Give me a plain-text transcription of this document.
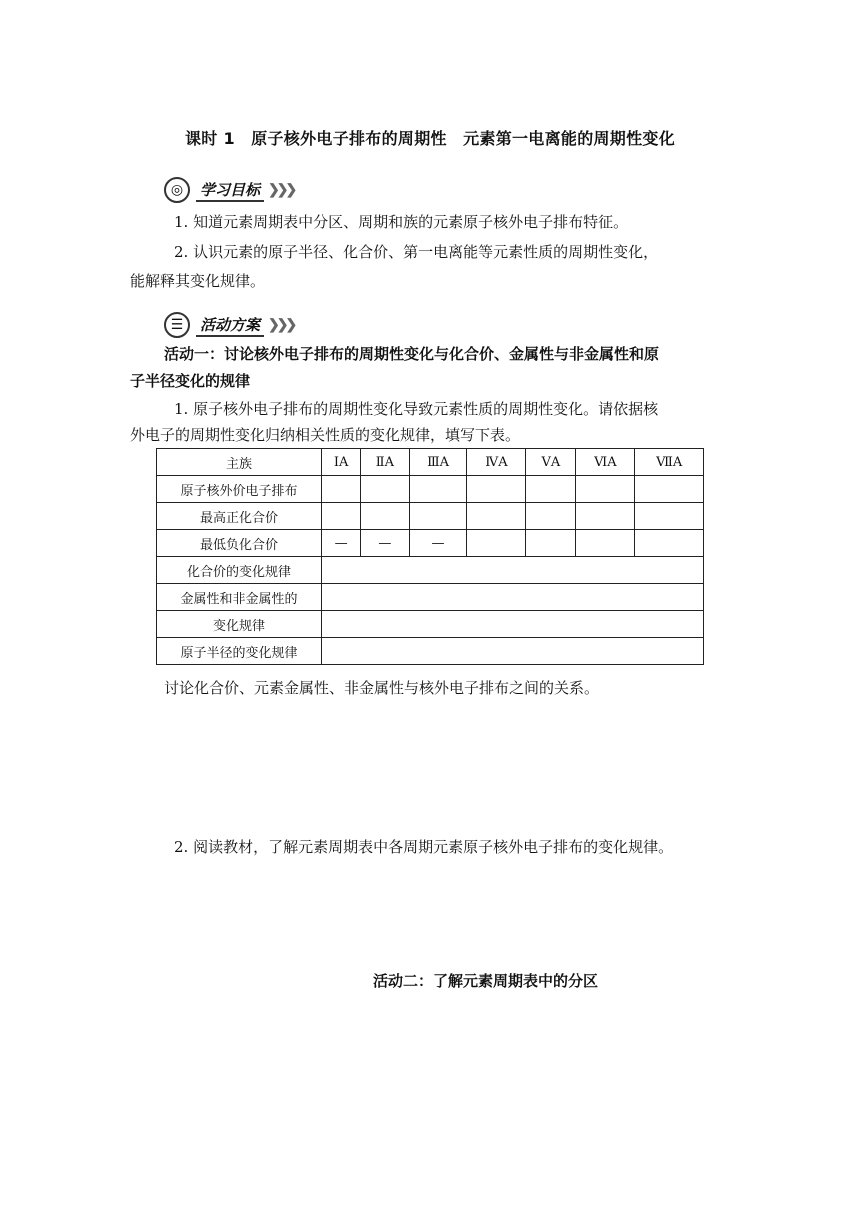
课时 1　原子核外电子排布的周期性　元素第一电离能的周期性变化
◎	学习目标 ❯❯❯
1. 知道元素周期表中分区、周期和族的元素原子核外电子排布特征。
2. 认识元素的原子半径、化合价、第一电离能等元素性质的周期性变化，
能解释其变化规律。
☰	活动方案 ❯❯❯
活动一：讨论核外电子排布的周期性变化与化合价、金属性与非金属性和原
子半径变化的规律
1. 原子核外电子排布的周期性变化导致元素性质的周期性变化。请依据核
外电子的周期性变化归纳相关性质的变化规律，填写下表。
主族	ⅠA	ⅡA	ⅢA	ⅣA	ⅤA	ⅥA	ⅦA
原子核外价电子排布							
最高正化合价							
最低负化合价	—	—	—				
化合价的变化规律							
金属性和非金属性的							
变化规律							
原子半径的变化规律							
讨论化合价、元素金属性、非金属性与核外电子排布之间的关系。
2. 阅读教材，了解元素周期表中各周期元素原子核外电子排布的变化规律。
活动二：了解元素周期表中的分区
